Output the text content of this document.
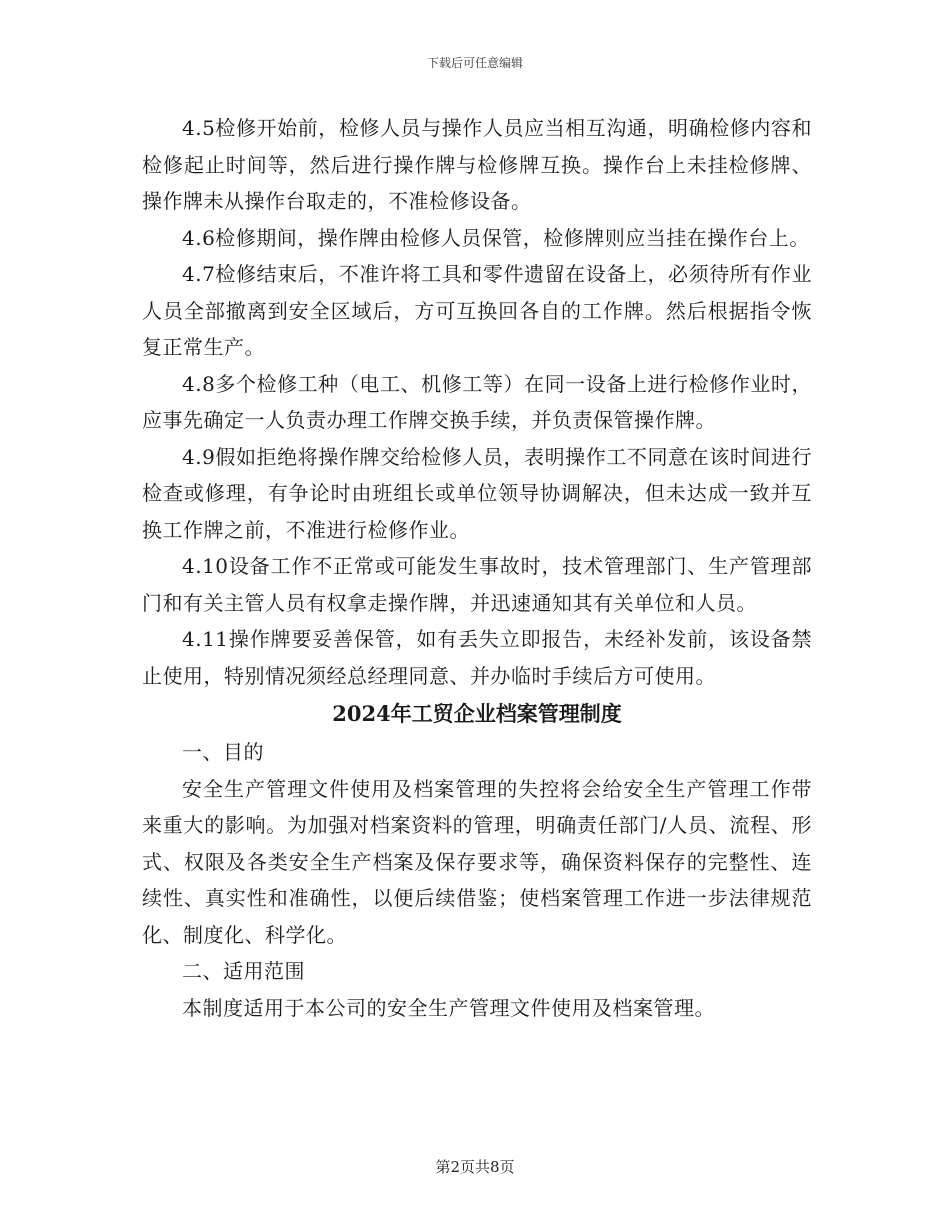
下载后可任意编辑

4.5检修开始前，检修人员与操作人员应当相互沟通，明确检修内容和检修起止时间等，然后进行操作牌与检修牌互换。操作台上未挂检修牌、操作牌未从操作台取走的，不准检修设备。

4.6检修期间，操作牌由检修人员保管，检修牌则应当挂在操作台上。

4.7检修结束后，不准许将工具和零件遗留在设备上，必须待所有作业人员全部撤离到安全区域后，方可互换回各自的工作牌。然后根据指令恢复正常生产。

4.8多个检修工种（电工、机修工等）在同一设备上进行检修作业时，应事先确定一人负责办理工作牌交换手续，并负责保管操作牌。

4.9假如拒绝将操作牌交给检修人员，表明操作工不同意在该时间进行检查或修理，有争论时由班组长或单位领导协调解决，但未达成一致并互换工作牌之前，不准进行检修作业。

4.10设备工作不正常或可能发生事故时，技术管理部门、生产管理部门和有关主管人员有权拿走操作牌，并迅速通知其有关单位和人员。

4.11操作牌要妥善保管，如有丢失立即报告，未经补发前，该设备禁止使用，特别情况须经总经理同意、并办临时手续后方可使用。

2024年工贸企业档案管理制度

一、目的

安全生产管理文件使用及档案管理的失控将会给安全生产管理工作带来重大的影响。为加强对档案资料的管理，明确责任部门/人员、流程、形式、权限及各类安全生产档案及保存要求等，确保资料保存的完整性、连续性、真实性和准确性，以便后续借鉴；使档案管理工作进一步法律规范化、制度化、科学化。

二、适用范围

本制度适用于本公司的安全生产管理文件使用及档案管理。

第2页共8页
